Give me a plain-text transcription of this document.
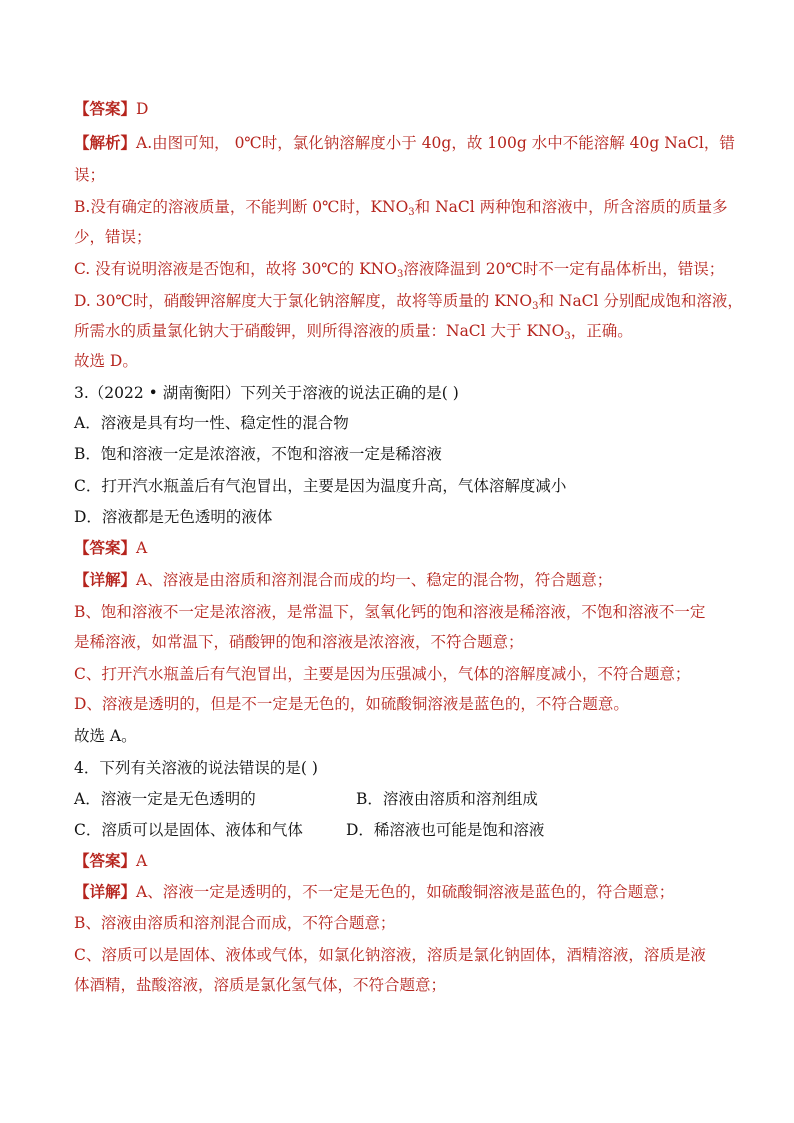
【答案】D
【解析】A.由图可知， 0℃时，氯化钠溶解度小于 40g，故 100g 水中不能溶解 40g NaCl，错
误；
B.没有确定的溶液质量，不能判断 0℃时，$KNO_3$和 NaCl 两种饱和溶液中，所含溶质的质量多
少，错误；
C. 没有说明溶液是否饱和，故将 30℃的 $KNO_3$溶液降温到 20℃时不一定有晶体析出，错误；
D. 30℃时，硝酸钾溶解度大于氯化钠溶解度，故将等质量的 $KNO_3$和 NaCl 分别配成饱和溶液，
所需水的质量氯化钠大于硝酸钾，则所得溶液的质量：NaCl 大于 $KNO_3$，正确。
故选 D。
3.（2022 • 湖南衡阳）下列关于溶液的说法正确的是( )
A．溶液是具有均一性、稳定性的混合物
B．饱和溶液一定是浓溶液，不饱和溶液一定是稀溶液
C．打开汽水瓶盖后有气泡冒出，主要是因为温度升高，气体溶解度减小
D．溶液都是无色透明的液体
【答案】A
【详解】A、溶液是由溶质和溶剂混合而成的均一、稳定的混合物，符合题意；
B、饱和溶液不一定是浓溶液，是常温下，氢氧化钙的饱和溶液是稀溶液，不饱和溶液不一定
是稀溶液，如常温下，硝酸钾的饱和溶液是浓溶液，不符合题意；
C、打开汽水瓶盖后有气泡冒出，主要是因为压强减小，气体的溶解度减小，不符合题意；
D、溶液是透明的，但是不一定是无色的，如硫酸铜溶液是蓝色的，不符合题意。
故选 A。
4．下列有关溶液的说法错误的是( )
A．溶液一定是无色透明的	B．溶液由溶质和溶剂组成
C．溶质可以是固体、液体和气体	D．稀溶液也可能是饱和溶液
【答案】A
【详解】A、溶液一定是透明的，不一定是无色的，如硫酸铜溶液是蓝色的，符合题意；
B、溶液由溶质和溶剂混合而成，不符合题意；
C、溶质可以是固体、液体或气体，如氯化钠溶液，溶质是氯化钠固体，酒精溶液，溶质是液
体酒精，盐酸溶液，溶质是氯化氢气体，不符合题意；
